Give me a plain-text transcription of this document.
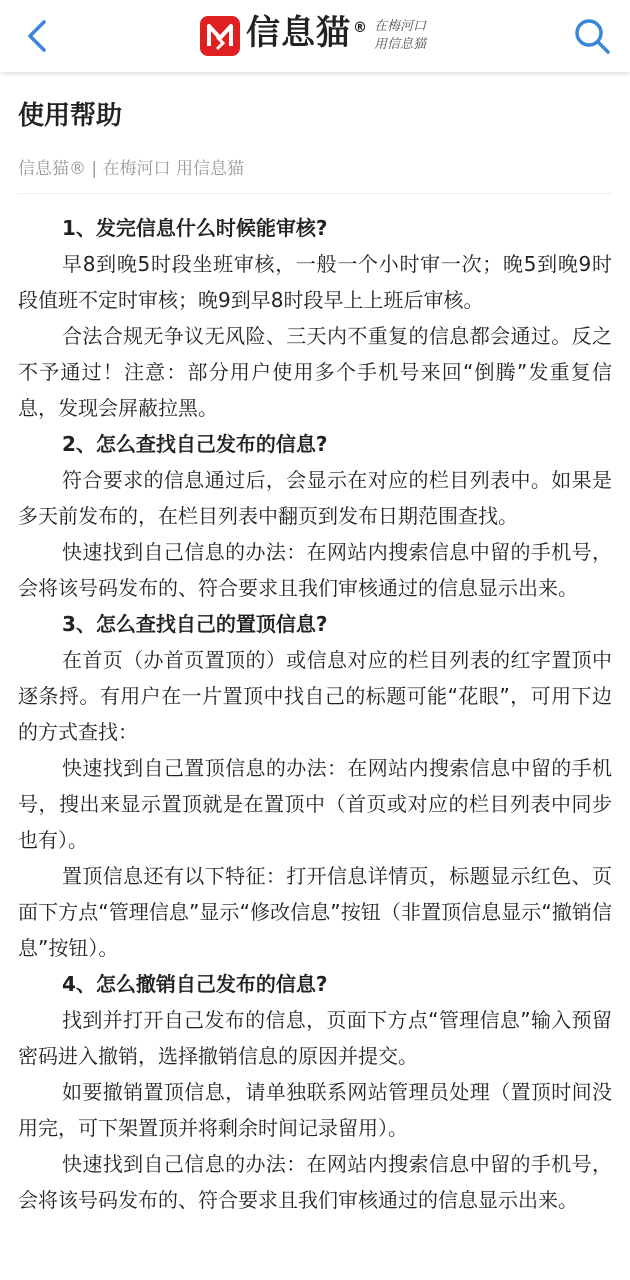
信息猫 ® 在梅河口
用信息猫
使用帮助
信息猫® | 在梅河口 用信息猫

1、发完信息什么时候能审核?

早8到晚5时段坐班审核，一般一个小时审一次；晚5到晚9时段值班不定时审核；晚9到早8时段早上上班后审核。

合法合规无争议无风险、三天内不重复的信息都会通过。反之不予通过！注意：部分用户使用多个手机号来回“倒腾”发重复信息，发现会屏蔽拉黑。

2、怎么查找自己发布的信息?

符合要求的信息通过后，会显示在对应的栏目列表中。如果是多天前发布的，在栏目列表中翻页到发布日期范围查找。

快速找到自己信息的办法：在网站内搜索信息中留的手机号，会将该号码发布的、符合要求且我们审核通过的信息显示出来。

3、怎么查找自己的置顶信息?

在首页（办首页置顶的）或信息对应的栏目列表的红字置顶中逐条捋。有用户在一片置顶中找自己的标题可能“花眼”，可用下边的方式查找：

快速找到自己置顶信息的办法：在网站内搜索信息中留的手机号，搜出来显示置顶就是在置顶中（首页或对应的栏目列表中同步也有）。

置顶信息还有以下特征：打开信息详情页，标题显示红色、页面下方点“管理信息”显示“修改信息”按钮（非置顶信息显示“撤销信息”按钮）。

4、怎么撤销自己发布的信息?

找到并打开自己发布的信息，页面下方点“管理信息”输入预留密码进入撤销，选择撤销信息的原因并提交。

如要撤销置顶信息，请单独联系网站管理员处理（置顶时间没用完，可下架置顶并将剩余时间记录留用）。

快速找到自己信息的办法：在网站内搜索信息中留的手机号，会将该号码发布的、符合要求且我们审核通过的信息显示出来。
